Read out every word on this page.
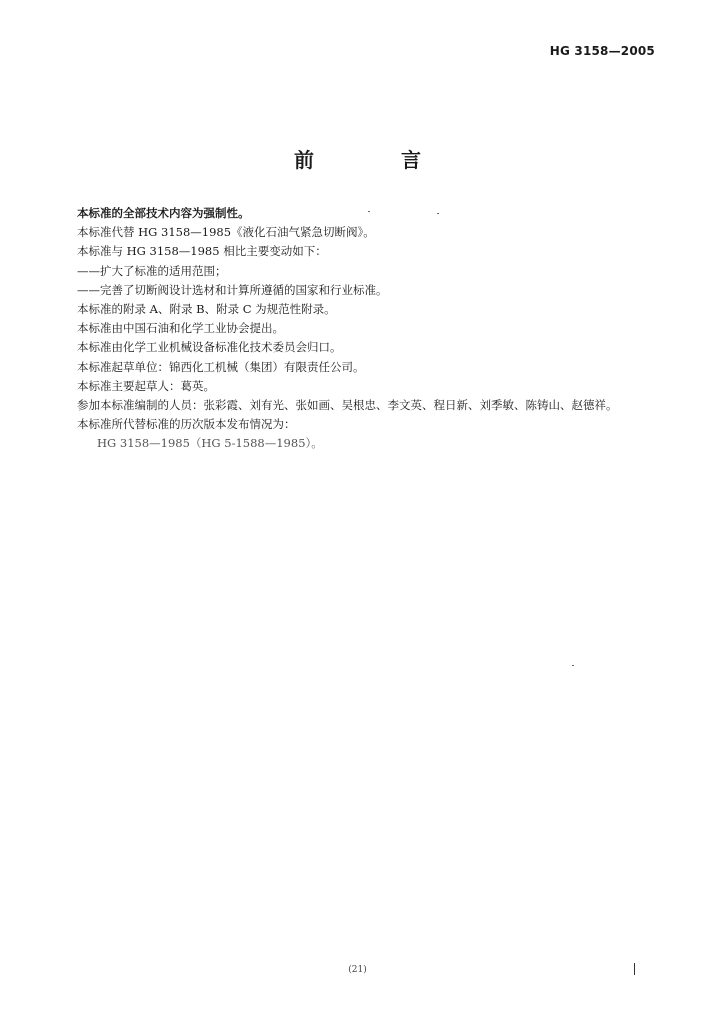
HG 3158—2005
前 言
本标准的全部技术内容为强制性。
本标准代替 HG 3158—1985《液化石油气紧急切断阀》。
本标准与 HG 3158—1985 相比主要变动如下：
——扩大了标准的适用范围；
——完善了切断阀设计选材和计算所遵循的国家和行业标准。
本标准的附录 A、附录 B、附录 C 为规范性附录。
本标准由中国石油和化学工业协会提出。
本标准由化学工业机械设备标准化技术委员会归口。
本标准起草单位：锦西化工机械（集团）有限责任公司。
本标准主要起草人：葛英。
参加本标准编制的人员：张彩霞、刘有光、张如画、吴根忠、李文英、程日新、刘季敏、陈铸山、赵德祥。
本标准所代替标准的历次版本发布情况为：
HG 3158—1985（HG 5-1588—1985）。
(21)
